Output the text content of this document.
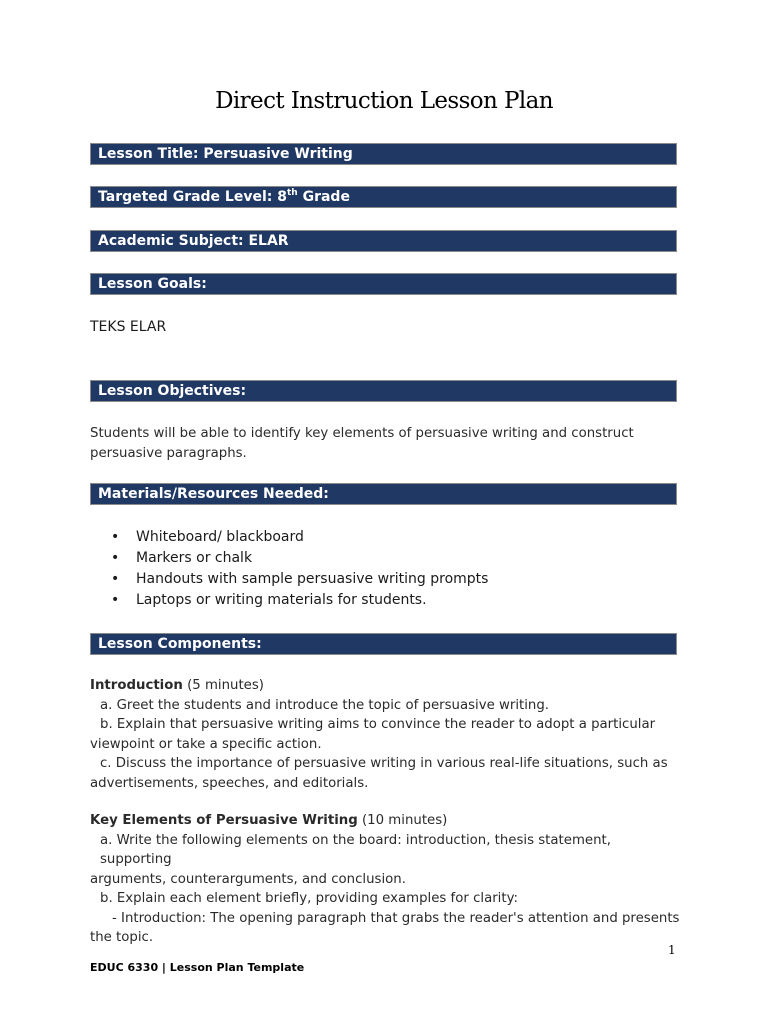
Direct Instruction Lesson Plan
Lesson Title: Persuasive Writing
Targeted Grade Level: 8th Grade
Academic Subject: ELAR
Lesson Goals:
TEKS ELAR
Lesson Objectives:
Students will be able to identify key elements of persuasive writing and construct persuasive paragraphs.
Materials/Resources Needed:
• Whiteboard/ blackboard
• Markers or chalk
• Handouts with sample persuasive writing prompts
• Laptops or writing materials for students.
Lesson Components:
Introduction (5 minutes)
a. Greet the students and introduce the topic of persuasive writing.
b. Explain that persuasive writing aims to convince the reader to adopt a particular
viewpoint or take a specific action.
c. Discuss the importance of persuasive writing in various real-life situations, such as
advertisements, speeches, and editorials.
Key Elements of Persuasive Writing (10 minutes)
a. Write the following elements on the board: introduction, thesis statement, supporting
arguments, counterarguments, and conclusion.
b. Explain each element briefly, providing examples for clarity:
- Introduction: The opening paragraph that grabs the reader's attention and presents
the topic.
1
EDUC 6330 | Lesson Plan Template
